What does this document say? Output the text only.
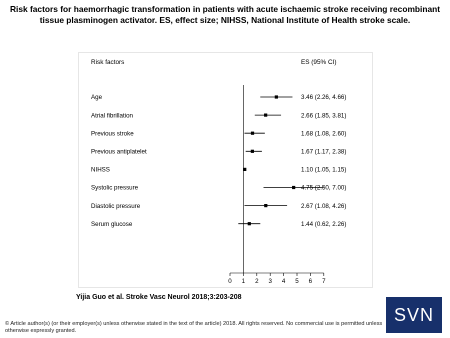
Risk factors for haemorrhagic transformation in patients with acute ischaemic stroke receiving recombinant tissue plasminogen activator. ES, effect size; NIHSS, National Institute of Health stroke scale.
Risk factors	ES (95% CI)
Age	3.46 (2.26, 4.66)
Atrial fibrillation	2.66 (1.85, 3.81)
Previous stroke	1.68 (1.08, 2.60)
Previous antiplatelet	1.67 (1.17, 2.38)
NIHSS	1.10 (1.05, 1.15)
Systolic pressure	4.75 (2.50, 7.00)
Diastolic pressure	2.67 (1.08, 4.26)
Serum glucose	1.44 (0.62, 2.26)
0 1 2 3 4 5 6 7
Yijia Guo et al. Stroke Vasc Neurol 2018;3:203-208
© Article author(s) (or their employer(s) unless otherwise stated in the text of the article) 2018. All rights reserved. No commercial use is permitted unless otherwise expressly granted.
SVN
